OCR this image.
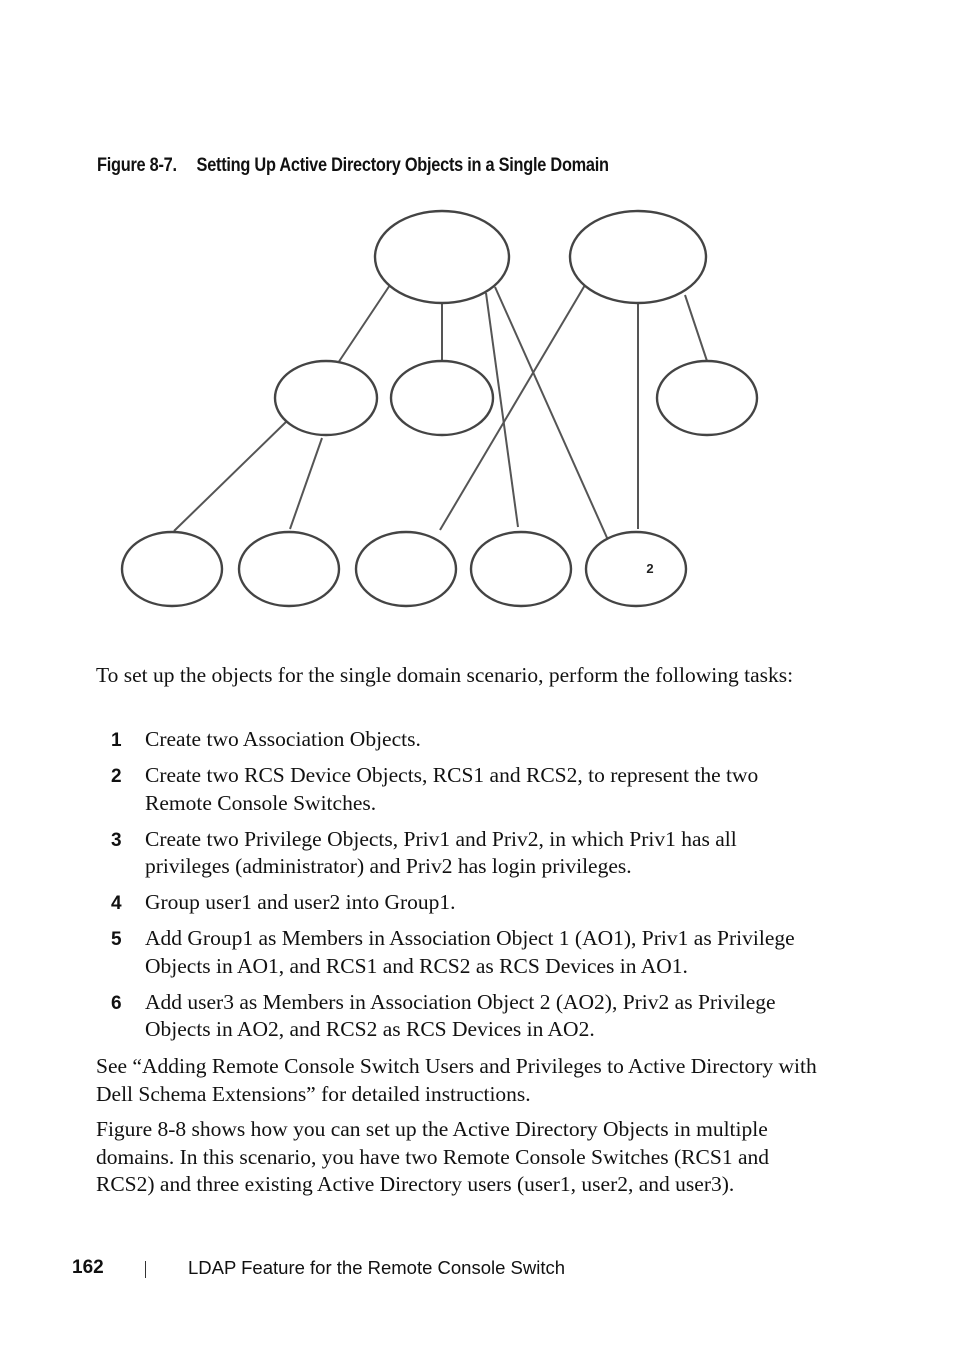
Figure 8-7. Setting Up Active Directory Objects in a Single Domain
2
To set up the objects for the single domain scenario, perform the following tasks:
1 Create two Association Objects.
2 Create two RCS Device Objects, RCS1 and RCS2, to represent the two Remote Console Switches.
3 Create two Privilege Objects, Priv1 and Priv2, in which Priv1 has all privileges (administrator) and Priv2 has login privileges.
4 Group user1 and user2 into Group1.
5 Add Group1 as Members in Association Object 1 (AO1), Priv1 as Privilege Objects in AO1, and RCS1 and RCS2 as RCS Devices in AO1.
6 Add user3 as Members in Association Object 2 (AO2), Priv2 as Privilege Objects in AO2, and RCS2 as RCS Devices in AO2.
See “Adding Remote Console Switch Users and Privileges to Active Directory with Dell Schema Extensions” for detailed instructions.
Figure 8-8 shows how you can set up the Active Directory Objects in multiple domains. In this scenario, you have two Remote Console Switches (RCS1 and RCS2) and three existing Active Directory users (user1, user2, and user3).
162	LDAP Feature for the Remote Console Switch
